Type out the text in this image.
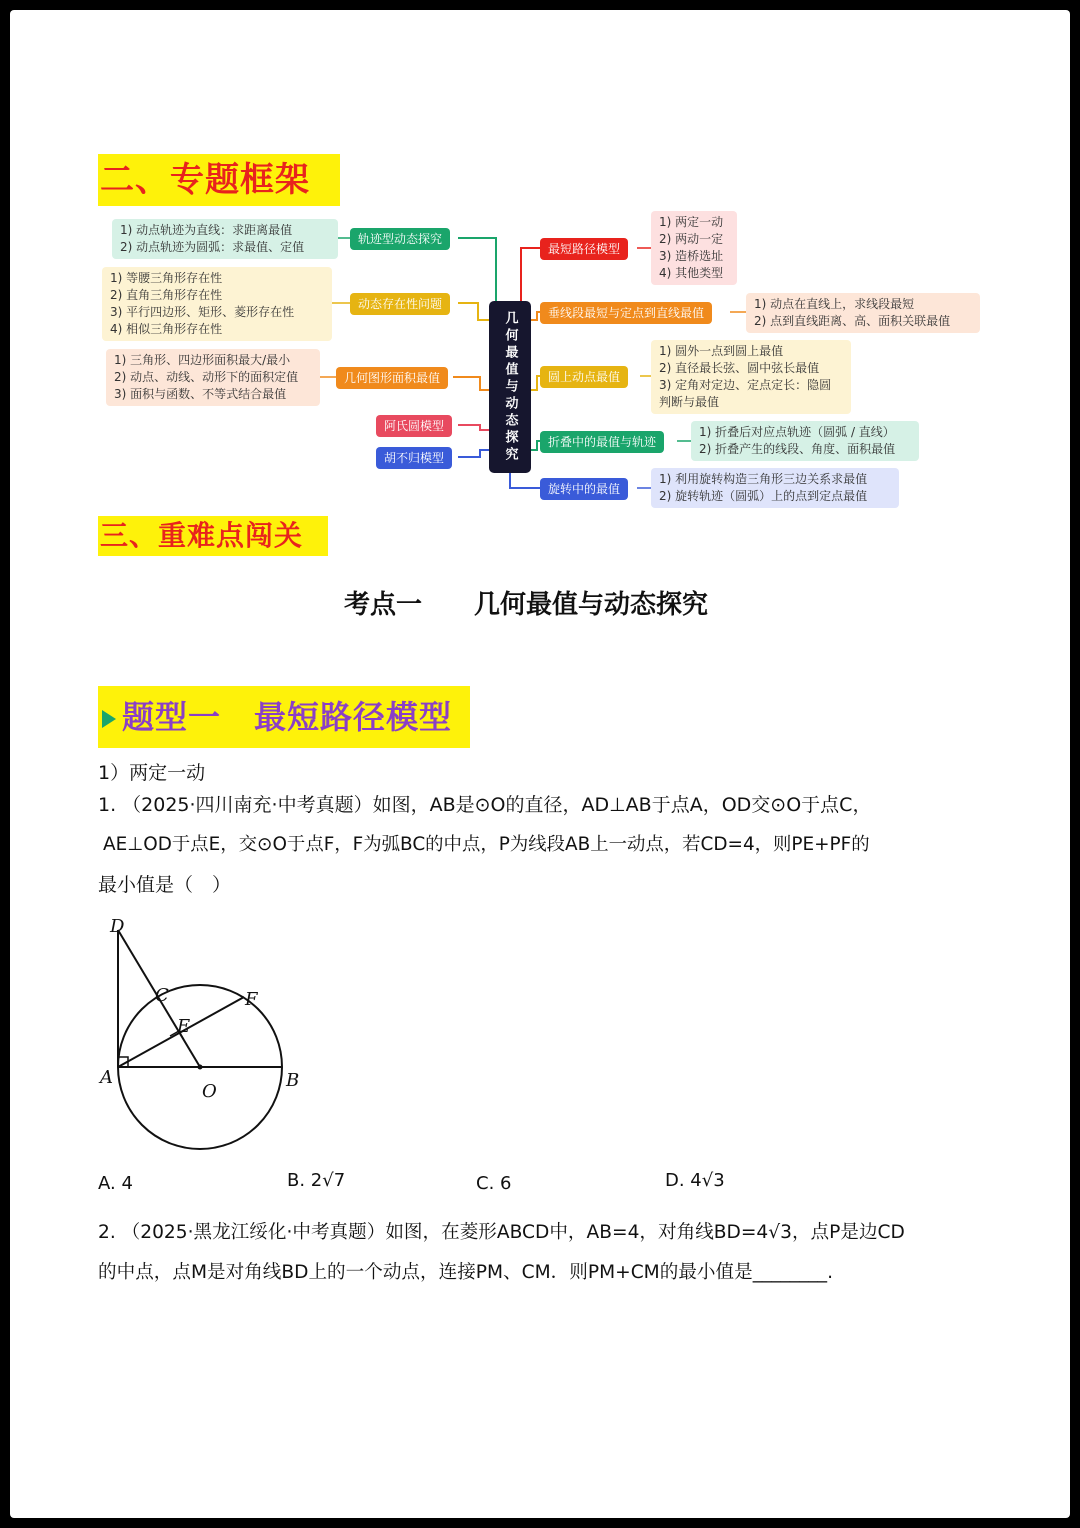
二、专题框架
几何最值与动态探究
1) 动点轨迹为直线：求距离最值
2) 动点轨迹为圆弧：求最值、定值
轨迹型动态探究
1) 等腰三角形存在性
2) 直角三角形存在性
3) 平行四边形、矩形、菱形存在性
4) 相似三角形存在性
动态存在性问题
1) 三角形、四边形面积最大/最小
2) 动点、动线、动形下的面积定值
3) 面积与函数、不等式结合最值
几何图形面积最值
阿氏圆模型
胡不归模型
最短路径模型
1) 两定一动
2) 两动一定
3) 造桥选址
4) 其他类型
垂线段最短与定点到直线最值
1) 动点在直线上，求线段最短
2) 点到直线距离、高、面积关联最值
圆上动点最值
1) 圆外一点到圆上最值
2) 直径最长弦、圆中弦长最值
3) 定角对定边、定点定长：隐圆
判断与最值
折叠中的最值与轨迹
1) 折叠后对应点轨迹（圆弧 / 直线）
2) 折叠产生的线段、角度、面积最值
旋转中的最值
1) 利用旋转构造三角形三边关系求最值
2) 旋转轨迹（圆弧）上的点到定点最值
三、重难点闯关
考点一　　几何最值与动态探究
题型一　最短路径模型
1）两定一动
1. （2025·四川南充·中考真题）如图，AB是⊙O的直径，AD⊥AB于点A，OD交⊙O于点C，
AE⊥OD于点E，交⊙O于点F，F为弧BC的中点，P为线段AB上一动点，若CD=4，则PE+PF的
最小值是（　）
D
C	F
E
A
O
B
A. 4	B. 2√7	C. 6	D. 4√3
2. （2025·黑龙江绥化·中考真题）如图，在菱形ABCD中，AB=4，对角线BD=4√3，点P是边CD
的中点，点M是对角线BD上的一个动点，连接PM、CM．则PM+CM的最小值是________.
